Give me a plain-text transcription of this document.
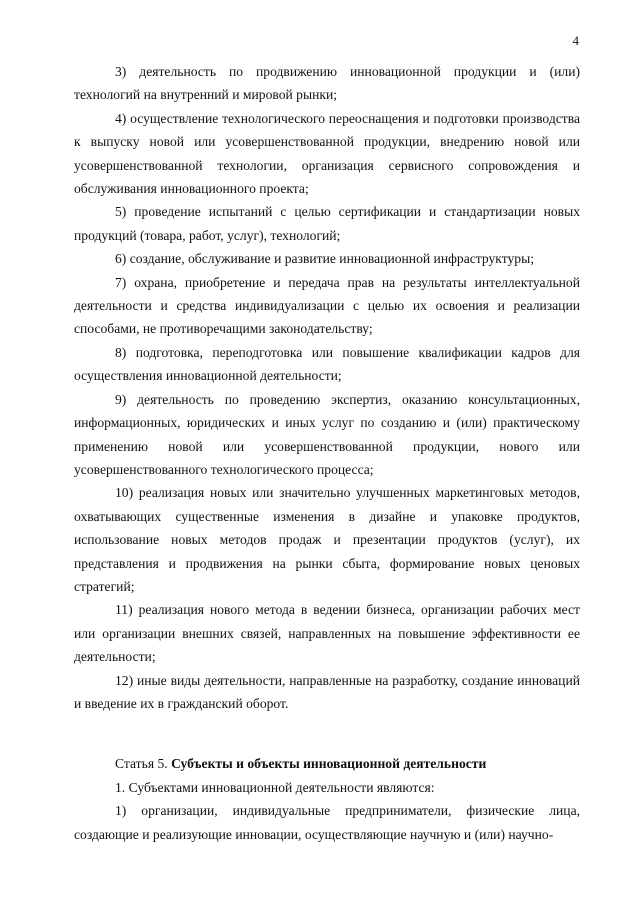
4

3) деятельность по продвижению инновационной продукции и (или) технологий на внутренний и мировой рынки;

4) осуществление технологического переоснащения и подготовки производства к выпуску новой или усовершенствованной продукции, внедрению новой или усовершенствованной технологии, организация сервисного сопровождения и обслуживания инновационного проекта;

5) проведение испытаний с целью сертификации и стандартизации новых продукций (товара, работ, услуг), технологий;

6) создание, обслуживание и развитие инновационной инфраструктуры;

7) охрана, приобретение и передача прав на результаты интеллектуальной деятельности и средства индивидуализации с целью их освоения и реализации способами, не противоречащими законодательству;

8) подготовка, переподготовка или повышение квалификации кадров для осуществления инновационной деятельности;

9) деятельность по проведению экспертиз, оказанию консультационных, информационных, юридических и иных услуг по созданию и (или) практическому применению новой или усовершенствованной продукции, нового или усовершенствованного технологического процесса;

10) реализация новых или значительно улучшенных маркетинговых методов, охватывающих существенные изменения в дизайне и упаковке продуктов, использование новых методов продаж и презентации продуктов (услуг), их представления и продвижения на рынки сбыта, формирование новых ценовых стратегий;

11) реализация нового метода в ведении бизнеса, организации рабочих мест или организации внешних связей, направленных на повышение эффективности ее деятельности;

12) иные виды деятельности, направленные на разработку, создание инноваций и введение их в гражданский оборот.

Статья 5. Субъекты и объекты инновационной деятельности

1. Субъектами инновационной деятельности являются:

1) организации, индивидуальные предприниматели, физические лица, создающие и реализующие инновации, осуществляющие научную и (или) научно-
